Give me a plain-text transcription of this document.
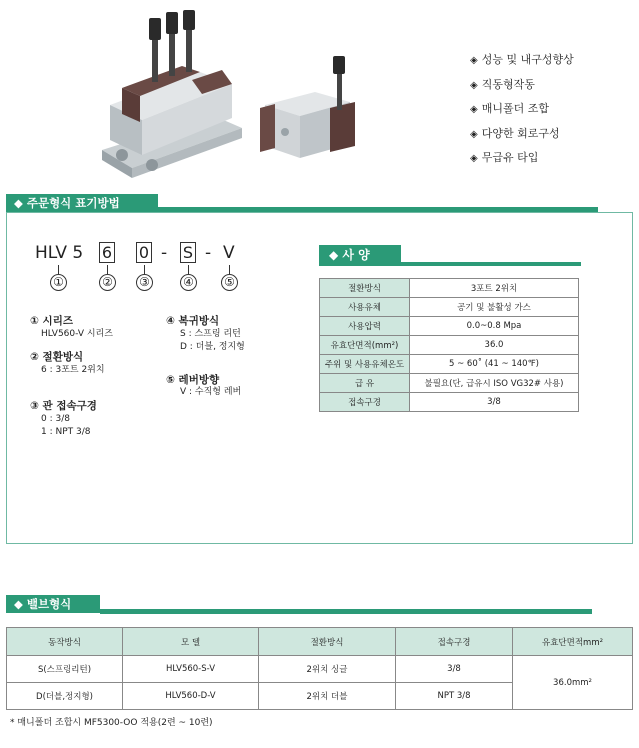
◈ 성능 및 내구성향상
◈ 직동형작동
◈ 매니폴더 조합
◈ 다양한 회로구성
◈ 무급유 타입
◆ 주문형식 표기방법
HLV 5 6 0 - S - V
①	② ③	④	⑤
① 시리즈
HLV560-V 시리즈
② 절환방식
6 : 3포트 2위치
③ 관 접속구경
0 : 3/8
1 : NPT 3/8
④ 복귀방식
S : 스프링 리턴
D : 더블, 정지형
⑤ 레버방향
V : 수직형 레버
◆ 사 양
절환방식	3포트 2위치
사용유체	공기 및 불활성 가스
사용압력	0.0~0.8 Mpa
유효단면적(mm²)	36.0
주위 및 사용유체온도	5 ~ 60˚ (41 ~ 140℉)
급 유	불필요(단, 급유시 ISO VG32# 사용)
접속구경	3/8
◆ 밸브형식
동작방식	모 델	절환방식	접속구경	유효단면적mm²
S(스프링리턴)	HLV560-S-V	2위치 싱글	3/8	36.0mm²
D(더블,정지형)	HLV560-D-V	2위치 더블	NPT 3/8	
* 매니폴더 조합시 MF5300-OO 적용(2련 ~ 10련)
